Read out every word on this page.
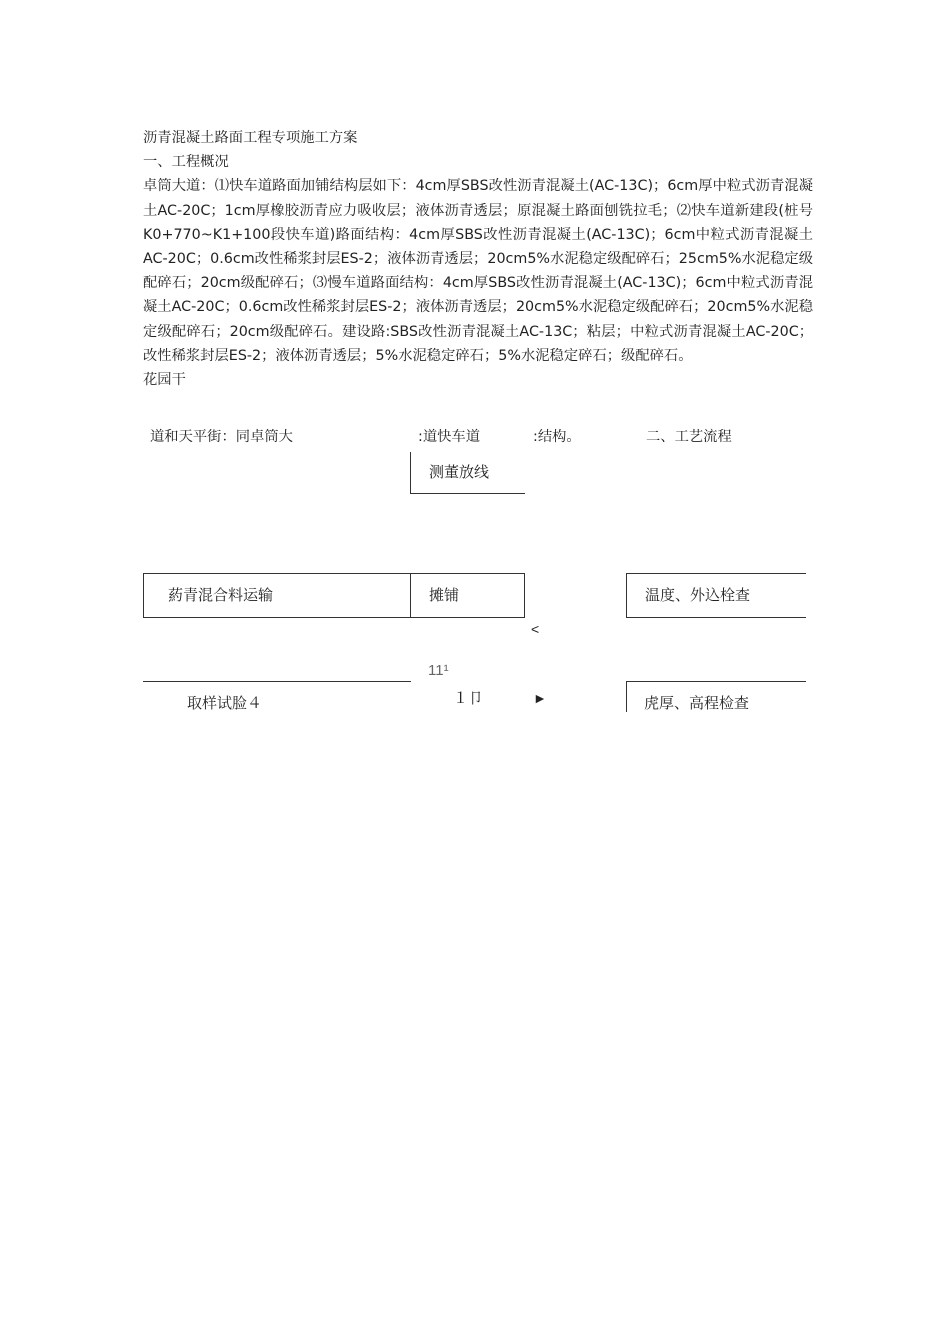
沥青混凝土路面工程专项施工方案

一、工程概况

卓筒大道：⑴快车道路面加铺结构层如下：4cm厚SBS改性沥青混凝土(AC-13C)；6cm厚中粒式沥青混凝土AC-20C；1cm厚橡胶沥青应力吸收层；液体沥青透层；原混凝土路面刨铣拉毛；⑵快车道新建段(桩号K0+770~K1+100段快车道)路面结构：4cm厚SBS改性沥青混凝土(AC-13C)；6cm中粒式沥青混凝土AC-20C；0.6cm改性稀浆封层ES-2；液体沥青透层；20cm5%水泥稳定级配碎石；25cm5%水泥稳定级配碎石；20cm级配碎石；⑶慢车道路面结构：4cm厚SBS改性沥青混凝土(AC-13C)；6cm中粒式沥青混凝土AC-20C；0.6cm改性稀浆封层ES-2；液体沥青透层；20cm5%水泥稳定级配碎石；20cm5%水泥稳定级配碎石；20cm级配碎石。建设路:SBS改性沥青混凝土AC-13C；粘层；中粒式沥青混凝土AC-20C；改性稀浆封层ES-2；液体沥青透层；5%水泥稳定碎石；5%水泥稳定碎石；级配碎石。

花园干

道和天平街：同卓筒大	:道快车道	:结构。	二、工艺流程
测董放线
葯青混合料运输	摊铺	温度、外込栓查
<
11¹
取样试脸４	１卩	►	虎厚、高程检查
